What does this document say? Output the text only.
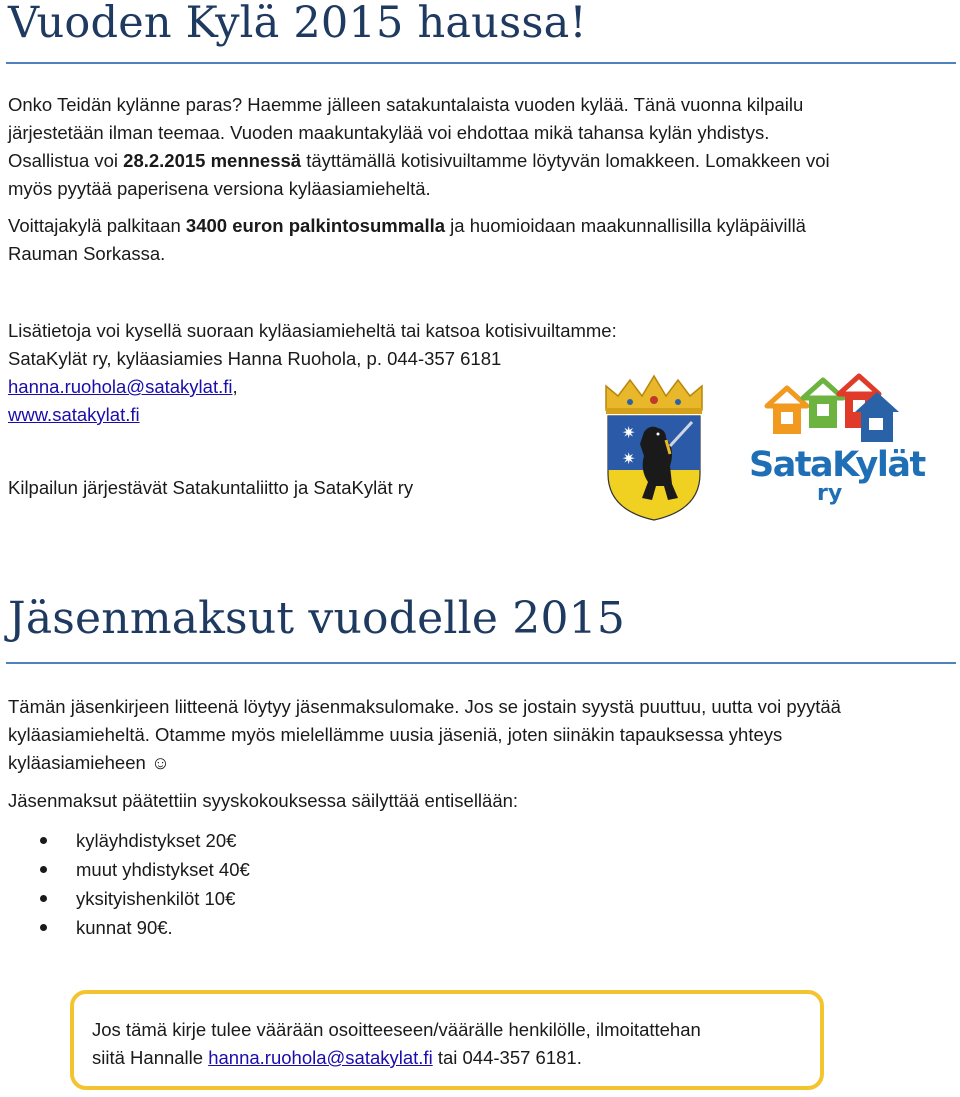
Vuoden Kylä 2015 haussa!

Onko Teidän kylänne paras? Haemme jälleen satakuntalaista vuoden kylää. Tänä vuonna kilpailu
järjestetään ilman teemaa. Vuoden maakuntakylää voi ehdottaa mikä tahansa kylän yhdistys.
Osallistua voi 28.2.2015 mennessä täyttämällä kotisivuiltamme löytyvän lomakkeen. Lomakkeen voi
myös pyytää paperisena versiona kyläasiamieheltä.

Voittajakylä palkitaan 3400 euron palkintosummalla ja huomioidaan maakunnallisilla kyläpäivillä
Rauman Sorkassa.

Lisätietoja voi kysellä suoraan kyläasiamieheltä tai katsoa kotisivuiltamme:
SataKylät ry, kyläasiamies Hanna Ruohola, p. 044-357 6181
hanna.ruohola@satakylat.fi,
www.satakylat.fi

Kilpailun järjestävät Satakuntaliitto ja SataKylät ry

✷
✷	SataKylät
ry
Jäsenmaksut vuodelle 2015

Tämän jäsenkirjeen liitteenä löytyy jäsenmaksulomake. Jos se jostain syystä puuttuu, uutta voi pyytää
kyläasiamieheltä. Otamme myös mielellämme uusia jäseniä, joten siinäkin tapauksessa yhteys
kyläasiamieheen ☺

Jäsenmaksut päätettiin syyskokouksessa säilyttää entisellään:

kyläyhdistykset 20€
muut yhdistykset 40€
yksityishenkilöt 10€
kunnat 90€.
Jos tämä kirje tulee väärään osoitteeseen/väärälle henkilölle, ilmoitattehan
siitä Hannalle hanna.ruohola@satakylat.fi tai 044-357 6181.
